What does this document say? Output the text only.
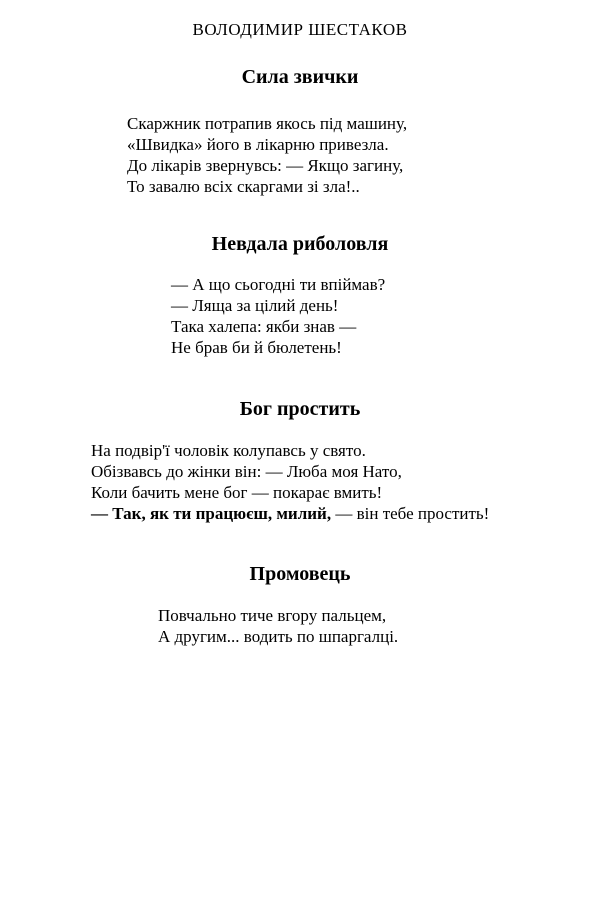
ВОЛОДИМИР ШЕСТАКОВ
Сила звички
Скаржник потрапив якось під машину,
«Швидка» його в лікарню привезла.
До лікарів звернувсь: — Якщо загину,
То завалю всіх скаргами зі зла!..
Невдала риболовля
— А що сьогодні ти впіймав?
— Ляща за цілий день!
Така халепа: якби знав —
Не брав би й бюлетень!
Бог простить
На подвір'ї чоловік колупавсь у свято.
Обізвавсь до жінки він: — Люба моя Нато,
Коли бачить мене бог — покарає вмить!
— Так, як ти працюєш, милий, — він тебе простить!
Промовець
Повчально тиче вгору пальцем,
А другим... водить по шпаргалці.
